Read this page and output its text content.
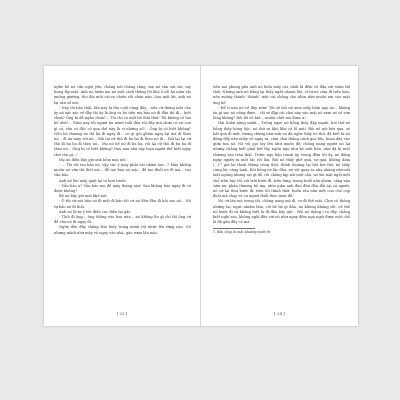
nghe bồ nó vẫn ngồi yên, chẳng nói chẳng rằng, mẹ nó vẫn sụt sùi, tay hung lấy mặt. Anh nó lườm mẹ nó một cách thông tôi khó ở rồi lại nằm vật xuống giường, tho đài một cái ra chiều rất chán nản. Sau một lát, anh nó lại sẵn sổ nói:

- Này tôi bảo thật, lần này là lần cuối cùng đấy... nếu cứ thằng một cho ăy nó xác xác về đây thì ăy là ông cụ bỏ tiền mà bảo nó đi đâu thì đi... biết chưa? Ông bị dễ nghe chưa?... Tôi chỉ có một bố thôi thôi! Tôi không có hai bố nhé!... Năm nay tôi người ba mươi tuổi đầu rồi đấy mà chưa có vợ con gì cả, vẫn có độc có qua thế này là vì những ai?... Ông bị có biết không? Nếu bà thương nó thì bà đi ngay đi... có gì gói ghém ngay lại mà đi theo nó... đi ăn mày với nó... Rồi lại cứ thò đi ba ba đi theo nó đi... Rồi lại lại cứ thò đi ba ba đi theo nó... Mẹ nó kể nó đi ba ba, rồi lại cứ thò đi ba ba đi theo nó... Ông bị có biết không? Nay mai nhà này loạn người thế biết ngay chứ còn gì...!

Mẹ nó điền bây giờ anh hỏm mai nói:

- ... Tôi rồi tao bảo nó, vậy các ý máy phải vật nhằm tao...? Máy không muốn nó vừa thì thôi mà... để tao bảo nó mà... để tao đuổi nó đi mà... tao vẫn bảo.

Anh nó lên máy quát lại to hơn trước:

- Vẫn bảo à? Vẫn bảo mọ để máy thằng nào! Sao không bảo ngày đi cũ được không?

Bố nó bây giờ mới khẽ nói:

- Ô thì cứ nói bảo nó đi một đi bảo tôi cứ nó đến đâu đi hỏi sao nó... Nó tự bảo nó đi thôi.

Anh nó lớ sự ý tức điên cục điên lại gắt:

- Thôi đi ông... ông thông vào hoa núa... nó không lìn gì chỉ thì ông cứ để cho nó đi ngay đi...

Nghe đến đây, thằng Hai thấy trong mình rồi nhức lên từng nào. Nó nhưng mình như máy vỗ nguy vào nhà, gào rượu lâu mãi.

[ 23 ]

tiền mà phung phu anh nó luôn mấy cái, nhất là đêm vô đầu sút trăm thì thôi. Nhưng anh nó bỗng lại thấy ngất nhoan lên, ví tự nó cầm đi trên hàn, nên xuống thành "thánh" một cái chẳng cho nhìn như muốn xin vào mặt ông bố.

- Để tì nào nó về đây xem! Tôi sẽ hỏi nó xem mấy hôm nay nó... không ăn gì sao nó uống được... tôi sẽ đập cái chai này vào mặt nó xem nó có vừa lòng không? Rồi tôi sẽ bắt... muốn chết mà được à!

Hai Xuân nằng mình... Trống ngực nó bỗng thấy đập mạnh, hơi thở nó bỗng thấy hồng hộc, nó thở ra khó khe cả lỗ mũi. Rồi nó nói bứt qua, sẽ hắt quá đi mất, tương chừng như anh nó đã nghe thấy nó thở, đã biết là nó đứng đấy nên nhảy vồ ngay ra, cầm chai thắng cánh gục lên, hoan dây vào giữa tim nó. Nó vội gọi tay lên như muốn đỡ, chồng nang người nó lại nhưng chẳng biết phải bắt lấy, ngồn ngọ như kẻ mất hồn, như đã bị một thương vào tràn thật. Trước ngọ liệu tranh áy, trong đêm tối ấy, nó đứng ngây người ra một lúc rồi lâu. Rồi nó thấy ghê quá, sợ quá, không dám (...)¹¹ giờ lai thoái thông cũng thôi, thỉnh thoảng lại bắt hơi thở, nó thấy càng lúc càng lạnh. Rồi bỗng nó lắc đầu, nó vội quay ra nhẹ nhàng như nổi mất ngồng nhưng rạt gì dễ, rồi chẳng kịp nói một câu, nó ôm mặt ngồi một chỗ trên bậc tối, rồi trời bước đi, trên lưng, trong buổi nhá nhem, càng vặn sớm xa, phần thương hồ mẹ, nhìn giận anh đau đớn đến đỗi tại cả người, nó cứ lại thui bước đi, trên tối thinh thời, buồn rầu như một con chó cụp đuôi mà chạy và cơ nguời đuổi theo mơn đít.

Nó cứ lăn mò trong tối, chồng nang mà đi, cơ đi thế mãi. Chơi có thông những lại, ngực nhiệm làm, cõi hề hệ gì dần, nó khùng khắng sốt, cứ thế nó bước đi và không biết là đi đâu bây giờ... Rồi nó thẳng i ra đây, chẳng biết nghĩ sao, không nghĩ đâu với nó như ngay đêm ngủ ngồi được một chỗ lã đã gần đây có mà

1. Bản chụp bị mất khoảng mười từ.
[ 24 ]
